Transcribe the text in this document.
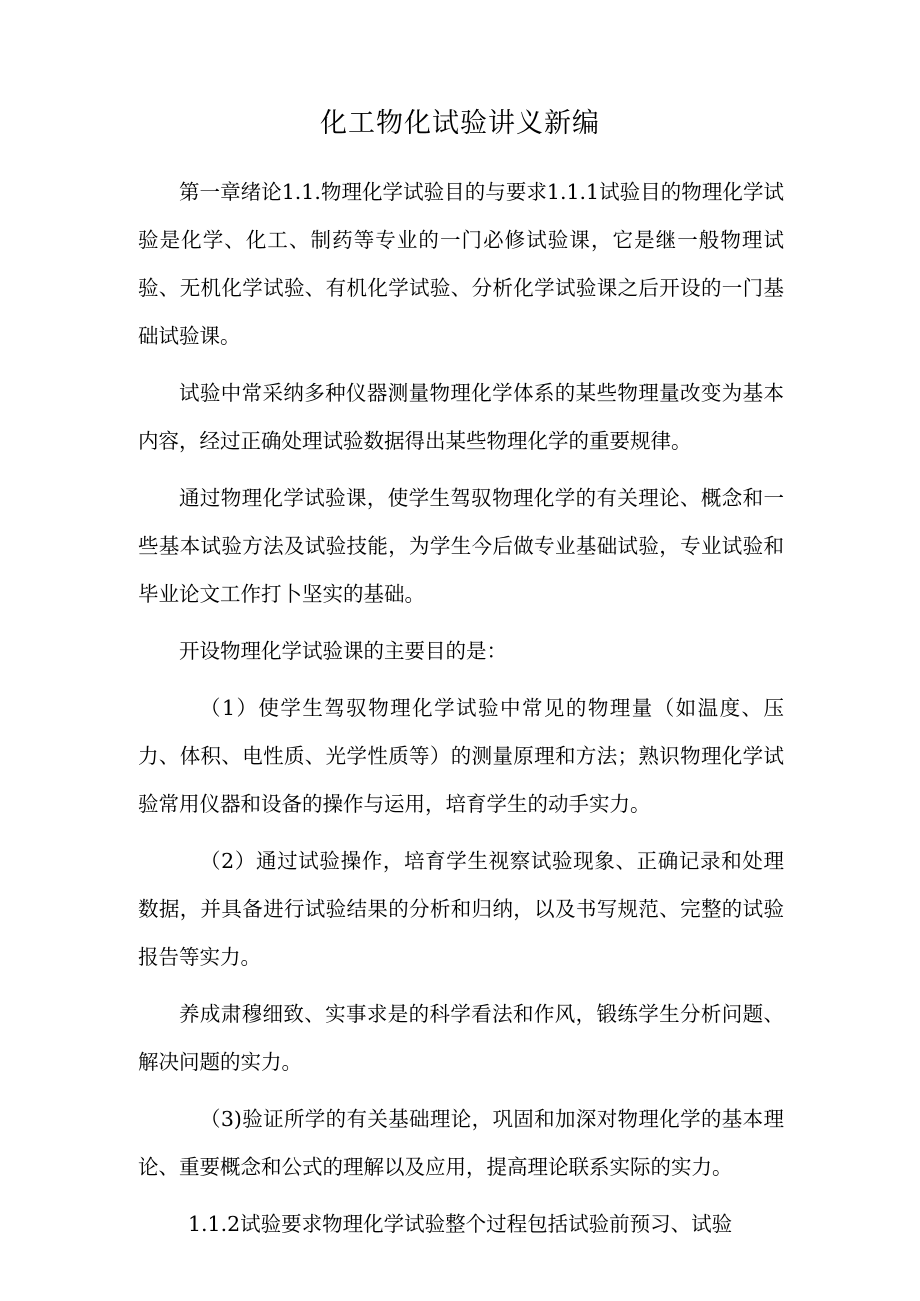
化工物化试验讲义新编

第一章绪论1.1.物理化学试验目的与要求1.1.1试验目的物理化学试验是化学、化工、制药等专业的一门必修试验课，它是继一般物理试验、无机化学试验、有机化学试验、分析化学试验课之后开设的一门基础试验课。

试验中常采纳多种仪器测量物理化学体系的某些物理量改变为基本内容，经过正确处理试验数据得出某些物理化学的重要规律。

通过物理化学试验课，使学生驾驭物理化学的有关理论、概念和一些基本试验方法及试验技能，为学生今后做专业基础试验，专业试验和毕业论文工作打卜坚实的基础。

开设物理化学试验课的主要目的是：

（1）使学生驾驭物理化学试验中常见的物理量（如温度、压力、体积、电性质、光学性质等）的测量原理和方法；熟识物理化学试验常用仪器和设备的操作与运用，培育学生的动手实力。

（2）通过试验操作，培育学生视察试验现象、正确记录和处理数据，并具备进行试验结果的分析和归纳，以及书写规范、完整的试验报告等实力。

养成肃穆细致、实事求是的科学看法和作风，锻练学生分析问题、解决问题的实力。

（3)验证所学的有关基础理论，巩固和加深对物理化学的基本理论、重要概念和公式的理解以及应用，提高理论联系实际的实力。

1.1.2试验要求物理化学试验整个过程包括试验前预习、试验
